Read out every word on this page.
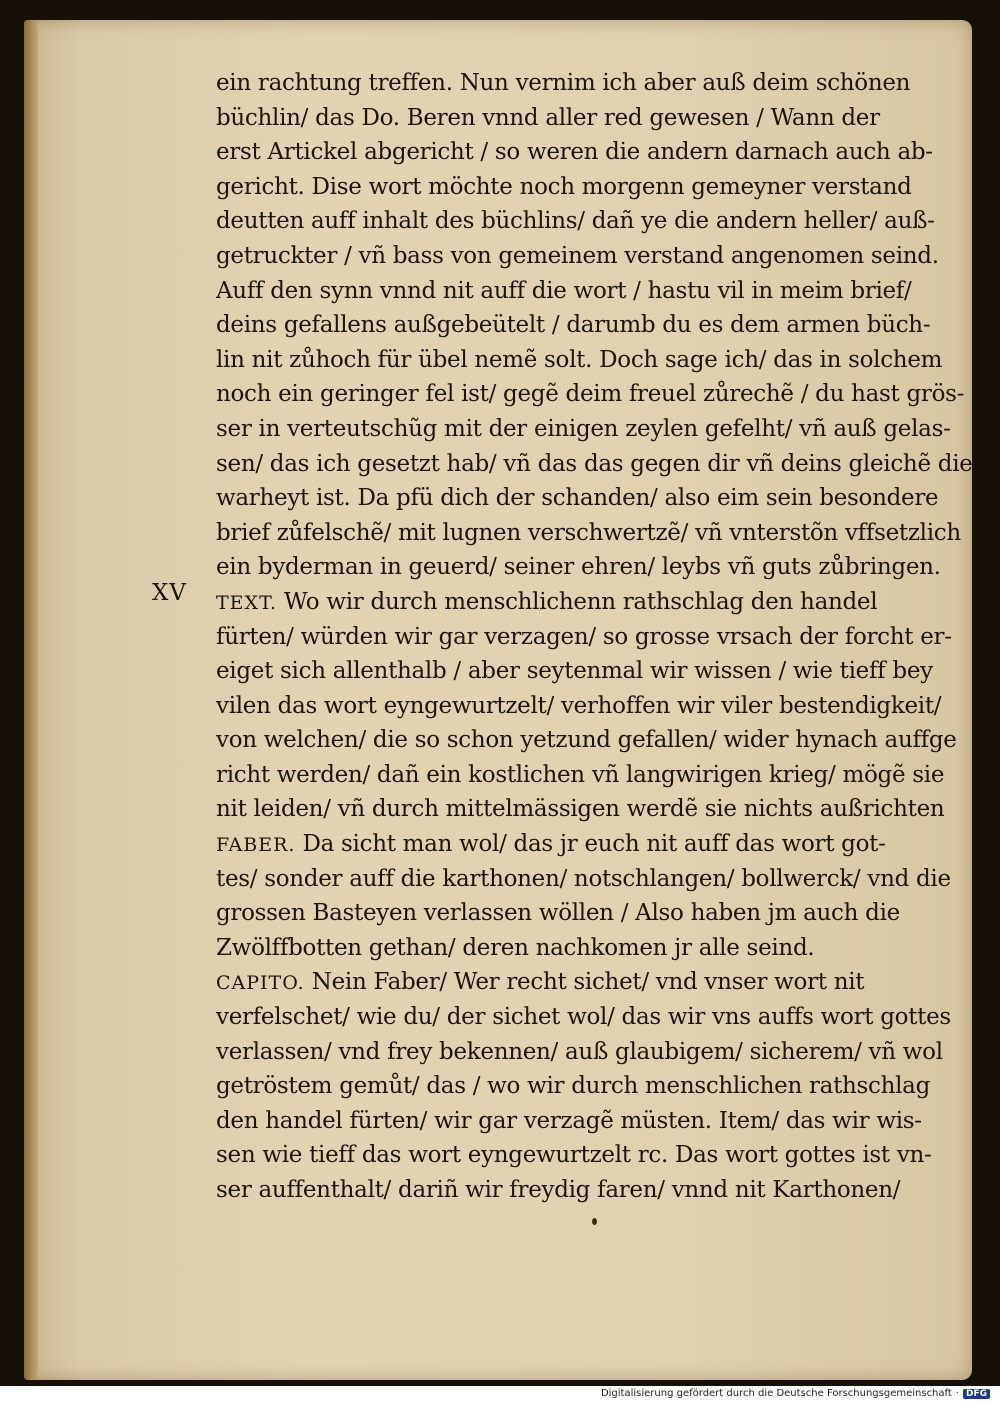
XV
ein rachtung treffen. Nun vernim ich aber auß deim schönen
büchlin/ das Do. Beren vnnd aller red gewesen / Wann der
erst Artickel abgericht / so weren die andern darnach auch ab-
gericht. Dise wort möchte noch morgenn gemeyner verstand
deutten auff inhalt des büchlins/ dañ ye die andern heller/ auß-
getruckter / vñ bass von gemeinem verstand angenomen seind.
Auff den synn vnnd nit auff die wort / hastu vil in meim brief/
deins gefallens außgebeütelt / darumb du es dem armen büch-
lin nit zůhoch für übel nemẽ solt. Doch sage ich/ das in solchem
noch ein geringer fel ist/ gegẽ deim freuel zůrechẽ / du hast grös-
ser in verteutschũg mit der einigen zeylen gefelht/ vñ auß gelas-
sen/ das ich gesetzt hab/ vñ das das gegen dir vñ deins gleichẽ die
warheyt ist. Da pfü dich der schanden/ also eim sein besondere
brief zůfelschẽ/ mit lugnen verschwertzẽ/ vñ vnterstõn vffsetzlich
ein byderman in geuerd/ seiner ehren/ leybs vñ guts zůbringen.
TEXT. Wo wir durch menschlichenn rathschlag den handel
fürten/ würden wir gar verzagen/ so grosse vrsach der forcht er-
eiget sich allenthalb / aber seytenmal wir wissen / wie tieff bey
vilen das wort eyngewurtzelt/ verhoffen wir viler bestendigkeit/
von welchen/ die so schon yetzund gefallen/ wider hynach auffge
richt werden/ dañ ein kostlichen vñ langwirigen krieg/ mögẽ sie
nit leiden/ vñ durch mittelmässigen werdẽ sie nichts außrichten
FABER. Da sicht man wol/ das jr euch nit auff das wort got-
tes/ sonder auff die karthonen/ notschlangen/ bollwerck/ vnd die
grossen Basteyen verlassen wöllen / Also haben jm auch die
Zwölffbotten gethan/ deren nachkomen jr alle seind.
CAPITO. Nein Faber/ Wer recht sichet/ vnd vnser wort nit
verfelschet/ wie du/ der sichet wol/ das wir vns auffs wort gottes
verlassen/ vnd frey bekennen/ auß glaubigem/ sicherem/ vñ wol
getröstem gemůt/ das / wo wir durch menschlichen rathschlag
den handel fürten/ wir gar verzagẽ müsten. Item/ das wir wis-
sen wie tieff das wort eyngewurtzelt rc. Das wort gottes ist vn-
ser auffenthalt/ dariñ wir freydig faren/ vnnd nit Karthonen/
Digitalisierung gefördert durch die Deutsche Forschungsgemeinschaft · DFG
